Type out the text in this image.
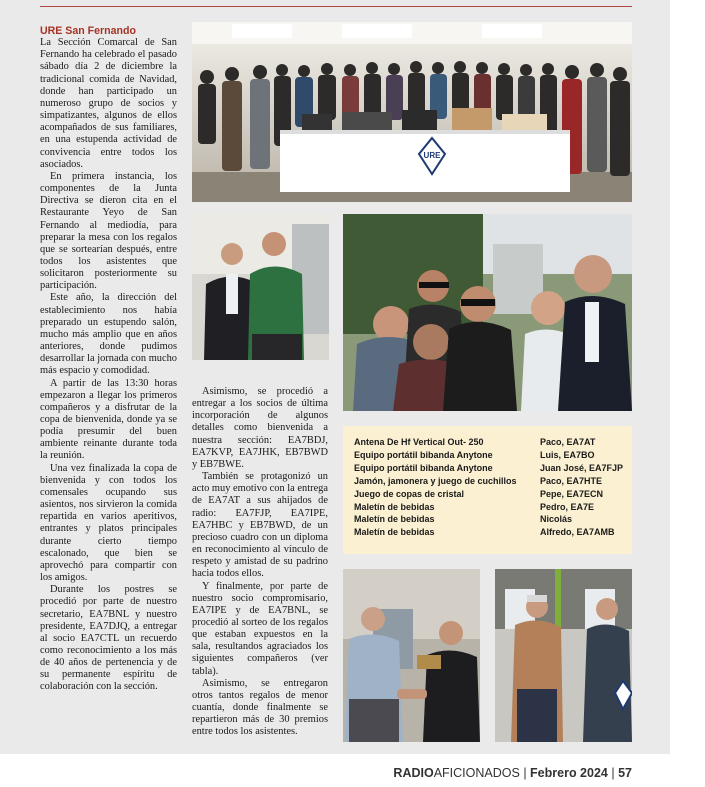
URE San Fernando

La Sección Comarcal de San Fernando ha celebrado el pasado sábado día 2 de diciembre la tradicional comida de Navidad, donde han participado un numeroso grupo de socios y simpatizantes, algunos de ellos acompañados de sus familiares, en una estupenda actividad de convivencia entre todos los asociados.

En primera instancia, los componentes de la Junta Directiva se dieron cita en el Restaurante Yeyo de San Fernando al mediodía, para preparar la mesa con los regalos que se sortearían después, entre todos los asistentes que solicitaron posteriormente su participación.

Este año, la dirección del establecimiento nos había preparado un estupendo salón, mucho más amplio que en años anteriores, donde pudimos desarrollar la jornada con mucho más espacio y comodidad.

A partir de las 13:30 horas empezaron a llegar los primeros compañeros y a disfrutar de la copa de bienvenida, donde ya se podía presumir del buen ambiente reinante durante toda la reunión.

Una vez finalizada la copa de bienvenida y con todos los comensales ocupando sus asientos, nos sirvieron la comida repartida en varios aperitivos, entrantes y platos principales durante cierto tiempo escalonado, que bien se aprovechó para compartir con los amigos.

Durante los postres se procedió por parte de nuestro secretario, EA7BNL y nuestro presidente, EA7DJQ, a entregar al socio EA7CTL un recuerdo como reconocimiento a los más de 40 años de pertenencia y de su permanente espíritu de colaboración con la sección.

URE

Asimismo, se procedió a entregar a los socios de última incorporación de algunos detalles como bienvenida a nuestra sección: EA7BDJ, EA7KVP, EA7JHK, EB7BWD y EB7BWE.

También se protagonizó un acto muy emotivo con la entrega de EA7AT a sus ahijados de radio: EA7FJP, EA7IPE, EA7HBC y EB7BWD, de un precioso cuadro con un diploma en reconocimiento al vínculo de respeto y amistad de su padrino hacia todos ellos.

Y finalmente, por parte de nuestro socio compromisario, EA7IPE y de EA7BNL, se procedió al sorteo de los regalos que estaban expuestos en la sala, resultandos agraciados los siguientes compañeros (ver tabla).

Asimismo, se entregaron otros tantos regalos de menor cuantía, donde finalmente se repartieron más de 30 premios entre todos los asistentes.

Antena De Hf Vertical Out- 250	Paco, EA7AT
Equipo portátil bibanda Anytone	Luis, EA7BO
Equipo portátil bibanda Anytone	Juan José, EA7FJP
Jamón, jamonera y juego de cuchillos	Paco, EA7HTE
Juego de copas de cristal	Pepe, EA7ECN
Maletín de bebidas	Pedro, EA7E
Maletín de bebidas	Nicolás
Maletín de bebidas	Alfredo, EA7AMB
RADIOAFICIONADOS | Febrero 2024 | 57
